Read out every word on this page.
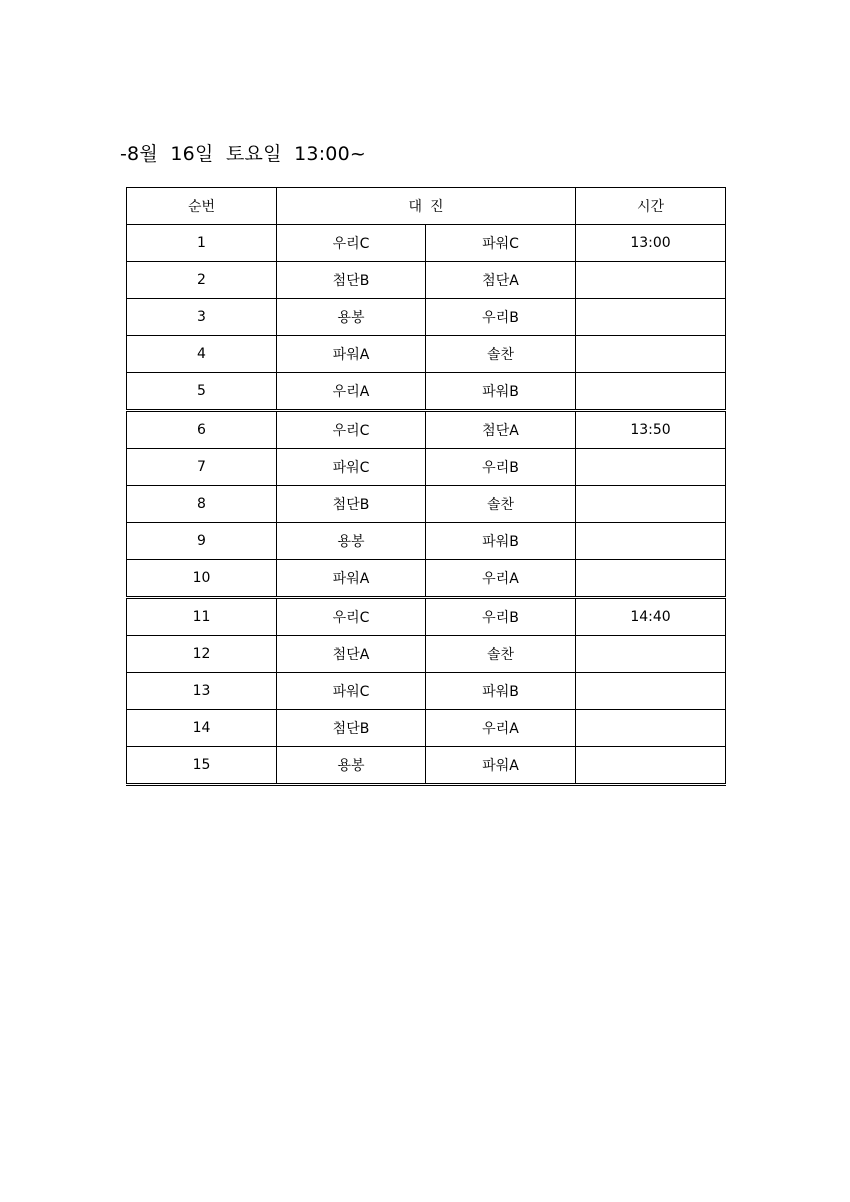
-8월  16일  토요일  13:00~
순번	대진		시간
1	우리C	파워C	13:00
2	첨단B	첨단A	
3	용봉	우리B	
4	파워A	솔찬	
5	우리A	파워B	
6	우리C	첨단A	13:50
7	파워C	우리B	
8	첨단B	솔찬	
9	용봉	파워B	
10	파워A	우리A	
11	우리C	우리B	14:40
12	첨단A	솔찬	
13	파워C	파워B	
14	첨단B	우리A	
15	용봉	파워A	
